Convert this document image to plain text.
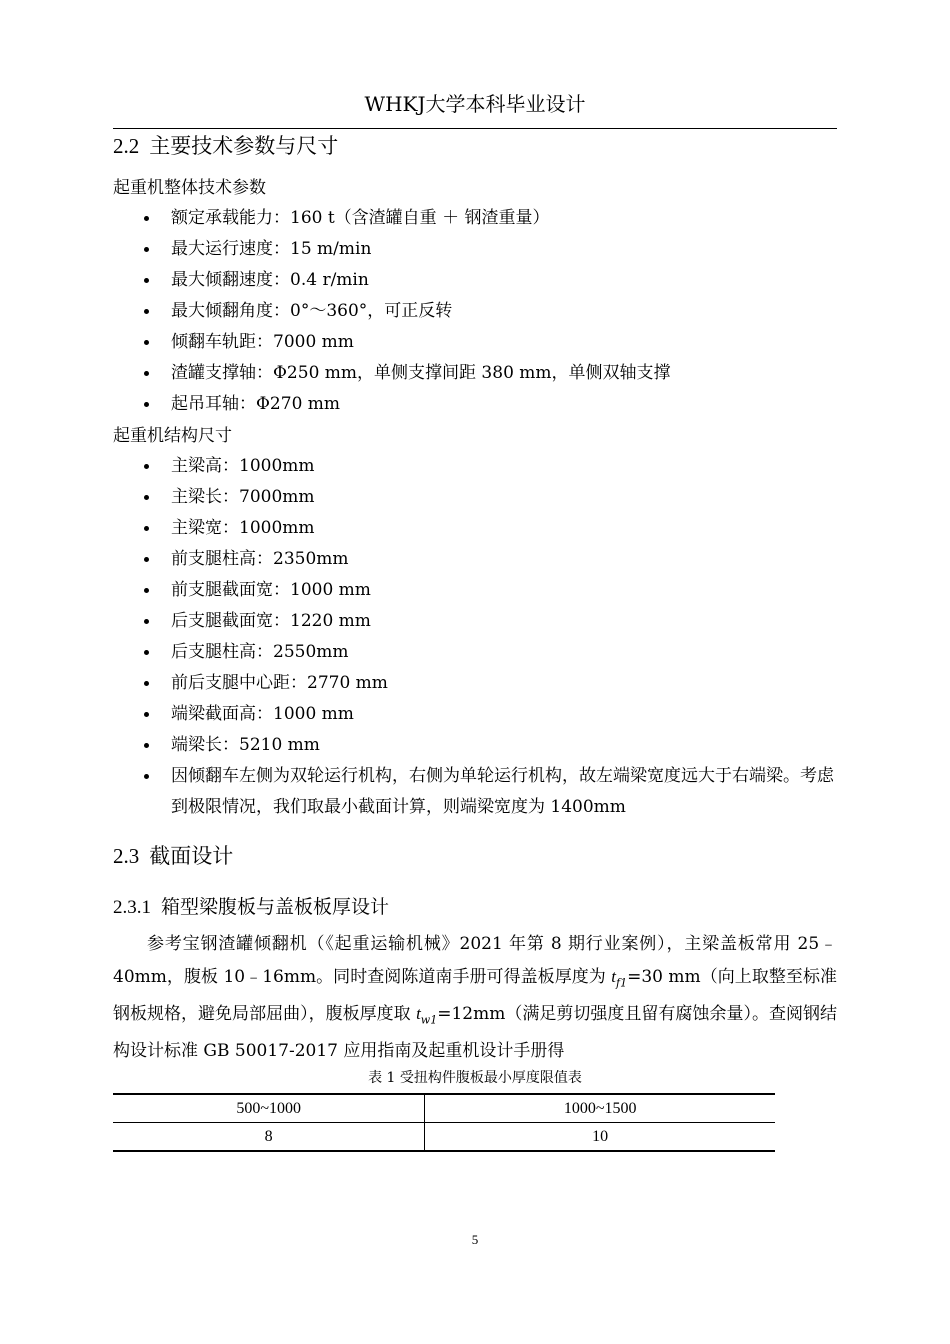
WHKJ大学本科毕业设计
2.2 主要技术参数与尺寸
起重机整体技术参数
额定承载能力：160 t（含渣罐自重 ＋ 钢渣重量）
最大运行速度：15 m/min
最大倾翻速度：0.4 r/min
最大倾翻角度：0°～360°，可正反转
倾翻车轨距：7000 mm
渣罐支撑轴：Φ250 mm，单侧支撑间距 380 mm，单侧双轴支撑
起吊耳轴：Φ270 mm
起重机结构尺寸
主梁高：1000mm
主梁长：7000mm
主梁宽：1000mm
前支腿柱高：2350mm
前支腿截面宽：1000 mm
后支腿截面宽：1220 mm
后支腿柱高：2550mm
前后支腿中心距：2770 mm
端梁截面高：1000 mm
端梁长：5210 mm
因倾翻车左侧为双轮运行机构，右侧为单轮运行机构，故左端梁宽度远大于右端梁。考虑到极限情况，我们取最小截面计算，则端梁宽度为 1400mm
2.3 截面设计
2.3.1 箱型梁腹板与盖板板厚设计
参考宝钢渣罐倾翻机（《起重运输机械》2021 年第 8 期行业案例），主梁盖板常用 25﹣40mm，腹板 10﹣16mm。同时查阅陈道南手册可得盖板厚度为 $t_{f1}=30$ mm（向上取整至标准钢板规格，避免局部屈曲），腹板厚度取 $t_{w1}=12mm$（满足剪切强度且留有腐蚀余量）。查阅钢结构设计标准 GB 50017-2017 应用指南及起重机设计手册得
表 1 受扭构件腹板最小厚度限值表
500~1000	1000~1500
8	10
5
